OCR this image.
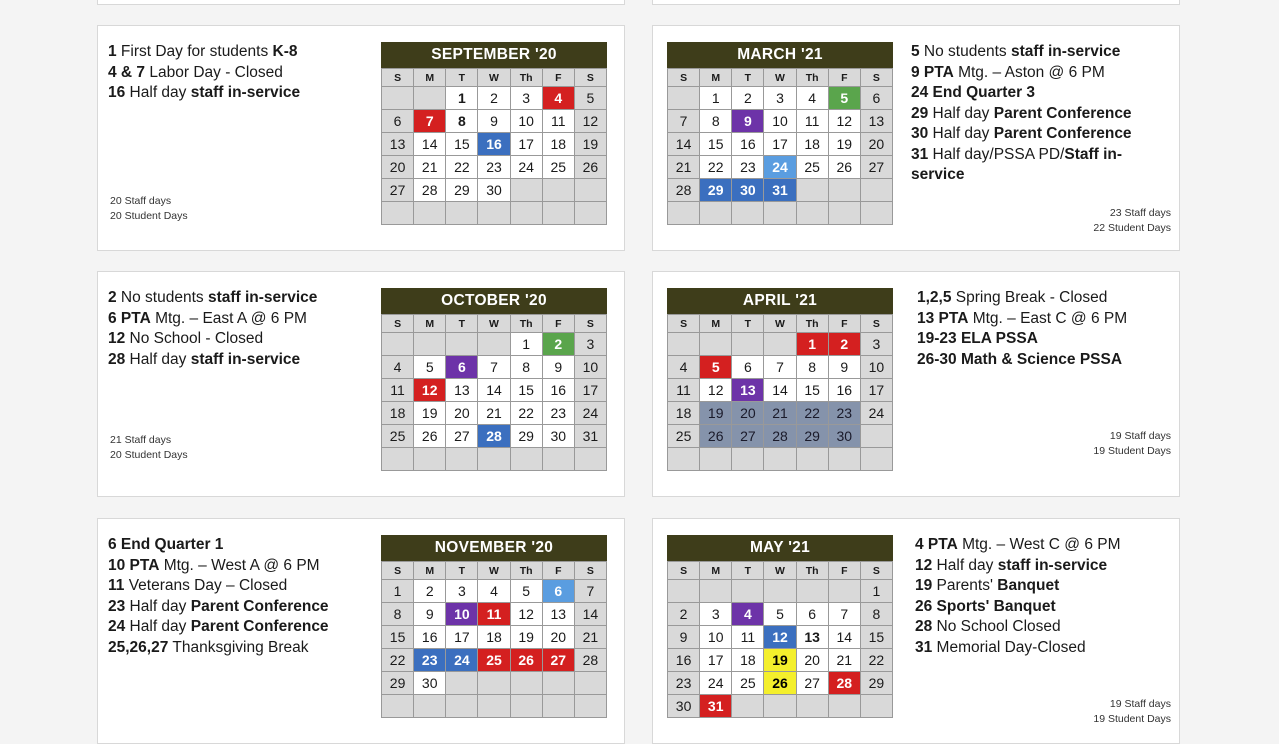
1 First Day for students K-8
4 & 7 Labor Day - Closed
16 Half day staff in-service
20 Staff days
20 Student Days
SEPTEMBER '20
S	M	T	W	Th	F	S
		1	2	3	4	5
6	7	8	9	10	11	12
13	14	15	16	17	18	19
20	21	22	23	24	25	26
27	28	29	30			

MARCH '21
S	M	T	W	Th	F	S
	1	2	3	4	5	6
7	8	9	10	11	12	13
14	15	16	17	18	19	20
21	22	23	24	25	26	27
28	29	30	31			

5 No students staff in-service
9 PTA Mtg. – Aston @ 6 PM
24 End Quarter 3
29 Half day Parent Conference
30 Half day Parent Conference
31 Half day/PSSA PD/Staff in-service
23 Staff days
22 Student Days
2 No students staff in-service
6 PTA Mtg. – East A @ 6 PM
12 No School - Closed
28 Half day staff in-service
21 Staff days
20 Student Days
OCTOBER '20
S	M	T	W	Th	F	S
				1	2	3
4	5	6	7	8	9	10
11	12	13	14	15	16	17
18	19	20	21	22	23	24
25	26	27	28	29	30	31

APRIL '21
S	M	T	W	Th	F	S
				1	2	3
4	5	6	7	8	9	10
11	12	13	14	15	16	17
18	19	20	21	22	23	24
25	26	27	28	29	30	

1,2,5 Spring Break - Closed
13 PTA Mtg. – East C @ 6 PM
19-23 ELA PSSA
26-30 Math & Science PSSA
19 Staff days
19 Student Days
6 End Quarter 1
10 PTA Mtg. – West A @ 6 PM
11 Veterans Day – Closed
23 Half day Parent Conference
24 Half day Parent Conference
25,26,27 Thanksgiving Break
NOVEMBER '20
S	M	T	W	Th	F	S
1	2	3	4	5	6	7
8	9	10	11	12	13	14
15	16	17	18	19	20	21
22	23	24	25	26	27	28
29	30					

MAY '21
S	M	T	W	Th	F	S
						1
2	3	4	5	6	7	8
9	10	11	12	13	14	15
16	17	18	19	20	21	22
23	24	25	26	27	28	29
30	31					
4 PTA Mtg. – West C @ 6 PM
12 Half day staff in-service
19 Parents' Banquet
26 Sports' Banquet
28 No School Closed
31 Memorial Day-Closed
19 Staff days
19 Student Days
